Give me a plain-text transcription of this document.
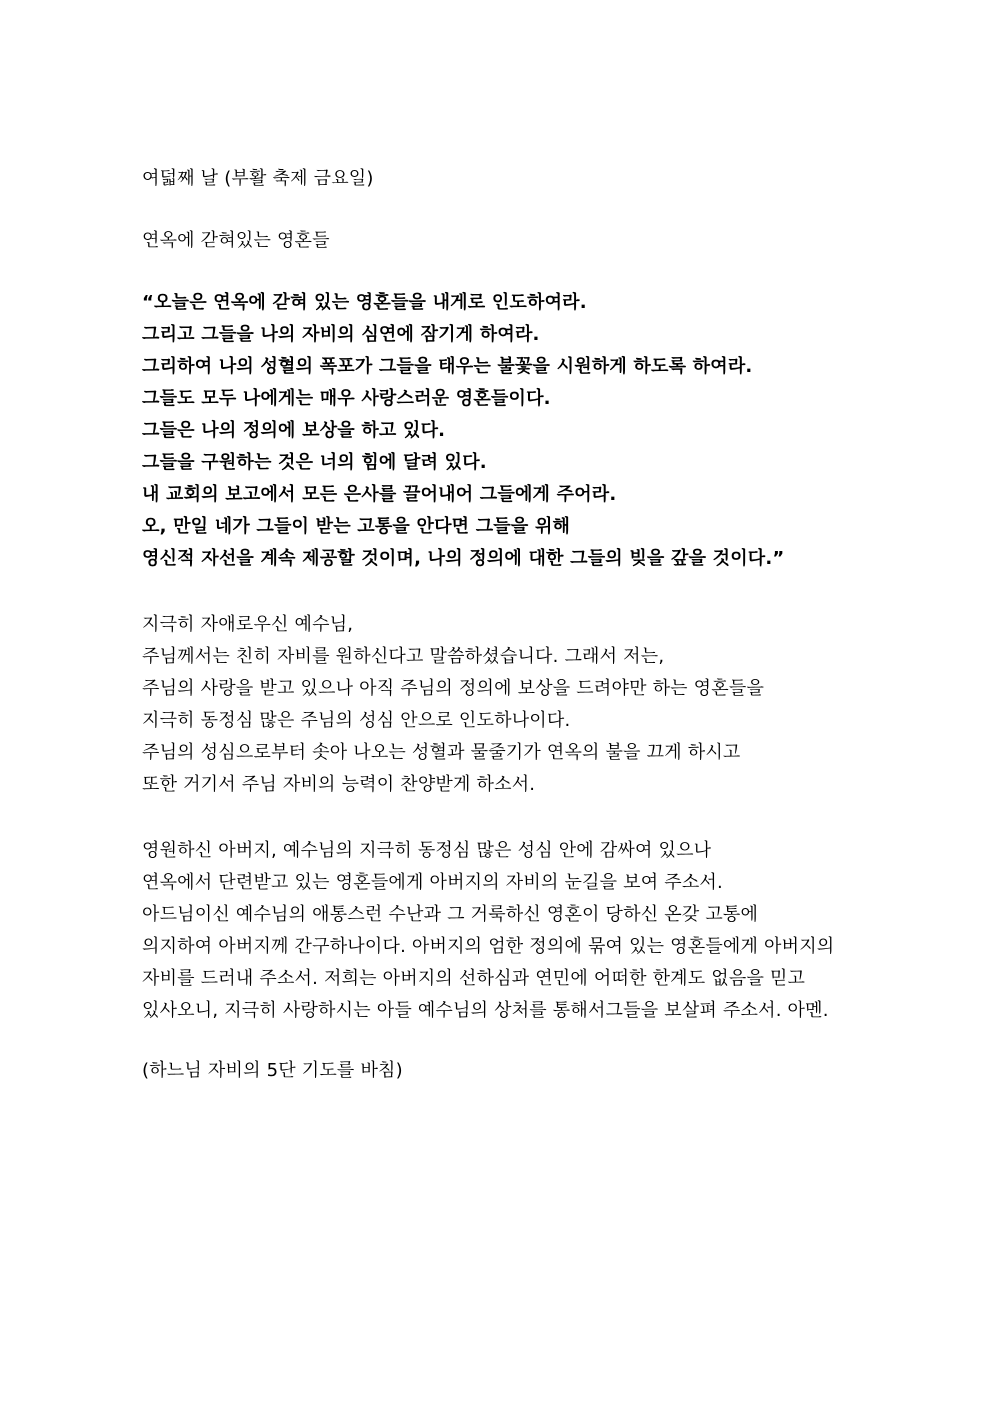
여덟째 날 (부활 축제 금요일)
연옥에 갇혀있는 영혼들
“오늘은 연옥에 갇혀 있는 영혼들을 내게로 인도하여라.
그리고 그들을 나의 자비의 심연에 잠기게 하여라.
그리하여 나의 성혈의 폭포가 그들을 태우는 불꽃을 시원하게 하도록 하여라.
그들도 모두 나에게는 매우 사랑스러운 영혼들이다.
그들은 나의 정의에 보상을 하고 있다.
그들을 구원하는 것은 너의 힘에 달려 있다.
내 교회의 보고에서 모든 은사를 끌어내어 그들에게 주어라.
오, 만일 네가 그들이 받는 고통을 안다면 그들을 위해
영신적 자선을 계속 제공할 것이며, 나의 정의에 대한 그들의 빚을 갚을 것이다.”
지극히 자애로우신 예수님,
주님께서는 친히 자비를 원하신다고 말씀하셨습니다. 그래서 저는,
주님의 사랑을 받고 있으나 아직 주님의 정의에 보상을 드려야만 하는 영혼들을
지극히 동정심 많은 주님의 성심 안으로 인도하나이다.
주님의 성심으로부터 솟아 나오는 성혈과 물줄기가 연옥의 불을 끄게 하시고
또한 거기서 주님 자비의 능력이 찬양받게 하소서.
영원하신 아버지, 예수님의 지극히 동정심 많은 성심 안에 감싸여 있으나
연옥에서 단련받고 있는 영혼들에게 아버지의 자비의 눈길을 보여 주소서.
아드님이신 예수님의 애통스런 수난과 그 거룩하신 영혼이 당하신 온갖 고통에
의지하여 아버지께 간구하나이다. 아버지의 엄한 정의에 묶여 있는 영혼들에게 아버지의
자비를 드러내 주소서. 저희는 아버지의 선하심과 연민에 어떠한 한계도 없음을 믿고
있사오니, 지극히 사랑하시는 아들 예수님의 상처를 통해서그들을 보살펴 주소서. 아멘.
(하느님 자비의 5단 기도를 바침)
